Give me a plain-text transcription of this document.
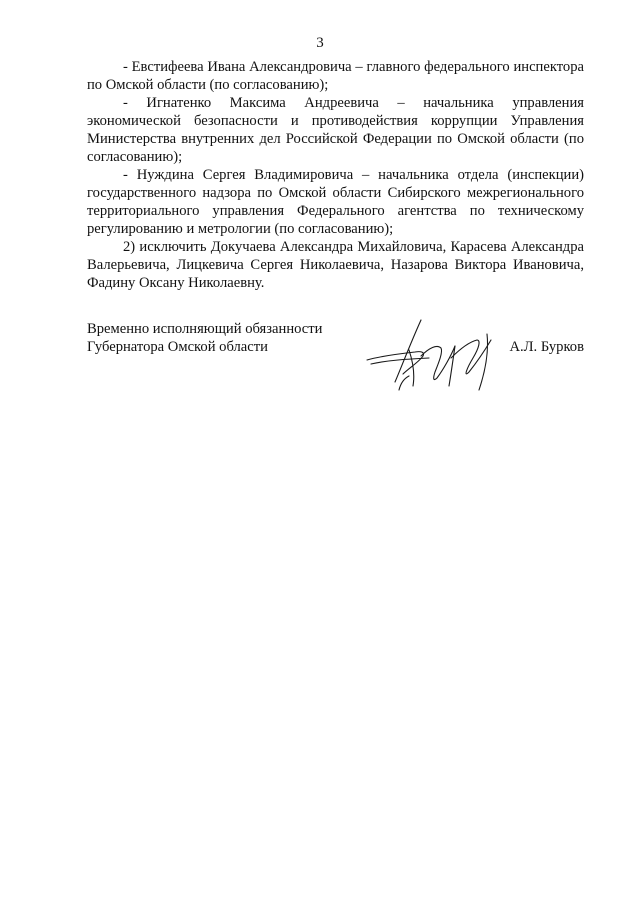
3

- Евстифеева Ивана Александровича – главного федерального инспектора по Омской области (по согласованию);

- Игнатенко Максима Андреевича – начальника управления экономической безопасности и противодействия коррупции Управления Министерства внутренних дел Российской Федерации по Омской области (по согласованию);

- Нуждина Сергея Владимировича – начальника отдела (инспекции) государственного надзора по Омской области Сибирского межрегионального территориального управления Федерального агентства по техническому регулированию и метрологии (по согласованию);

2) исключить Докучаева Александра Михайловича, Карасева Александра Валерьевича, Лицкевича Сергея Николаевича, Назарова Виктора Ивановича, Фадину Оксану Николаевну.

Временно исполняющий обязанности
Губернатора Омской области	А.Л. Бурков
